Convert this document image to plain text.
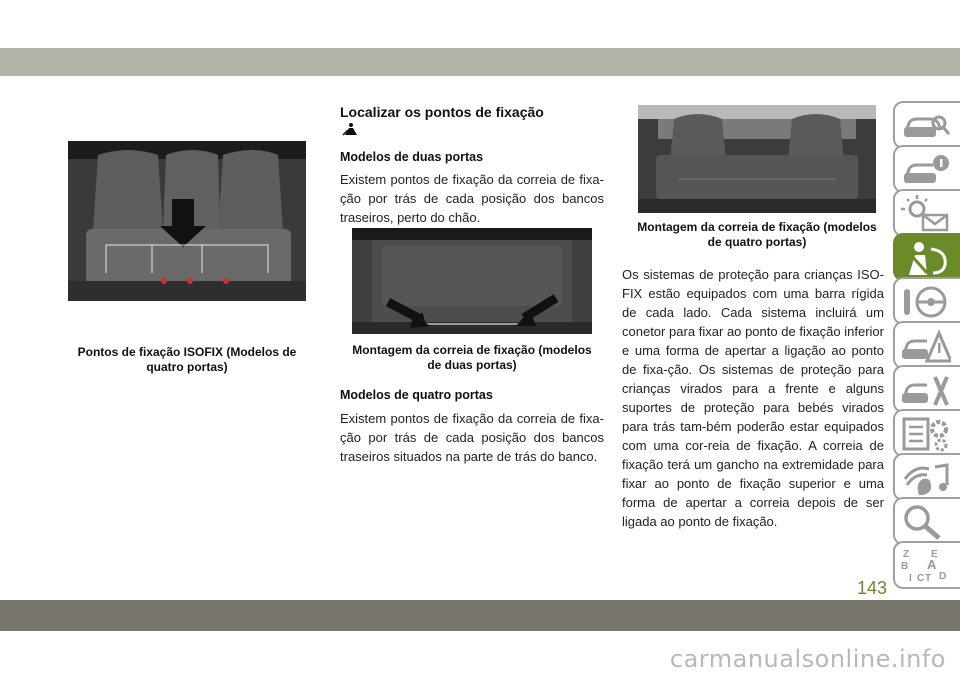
Pontos de fixação ISOFIX (Modelos de quatro portas)
Localizar os pontos de fixação
Modelos de duas portas

Existem pontos de fixação da correia de fixa-ção por trás de cada posição dos bancos traseiros, perto do chão.

Montagem da correia de fixação (modelos de duas portas)
Modelos de quatro portas

Existem pontos de fixação da correia de fixa-ção por trás de cada posição dos bancos traseiros situados na parte de trás do banco.

Montagem da correia de fixação (modelos de quatro portas)

Os sistemas de proteção para crianças ISO-FIX estão equipados com uma barra rígida de cada lado. Cada sistema incluirá um conetor para fixar ao ponto de fixação inferior e uma forma de apertar a ligação ao ponto de fixa-ção. Os sistemas de proteção para crianças virados para a frente e alguns suportes de proteção para bebés virados para trás tam-bém poderão estar equipados com uma cor-reia de fixação. A correia de fixação terá um gancho na extremidade para fixar ao ponto de fixação superior e uma forma de apertar a correia depois de ser ligada ao ponto de fixação.

Z E
B A
I C T D
143
carmanualsonline.info
